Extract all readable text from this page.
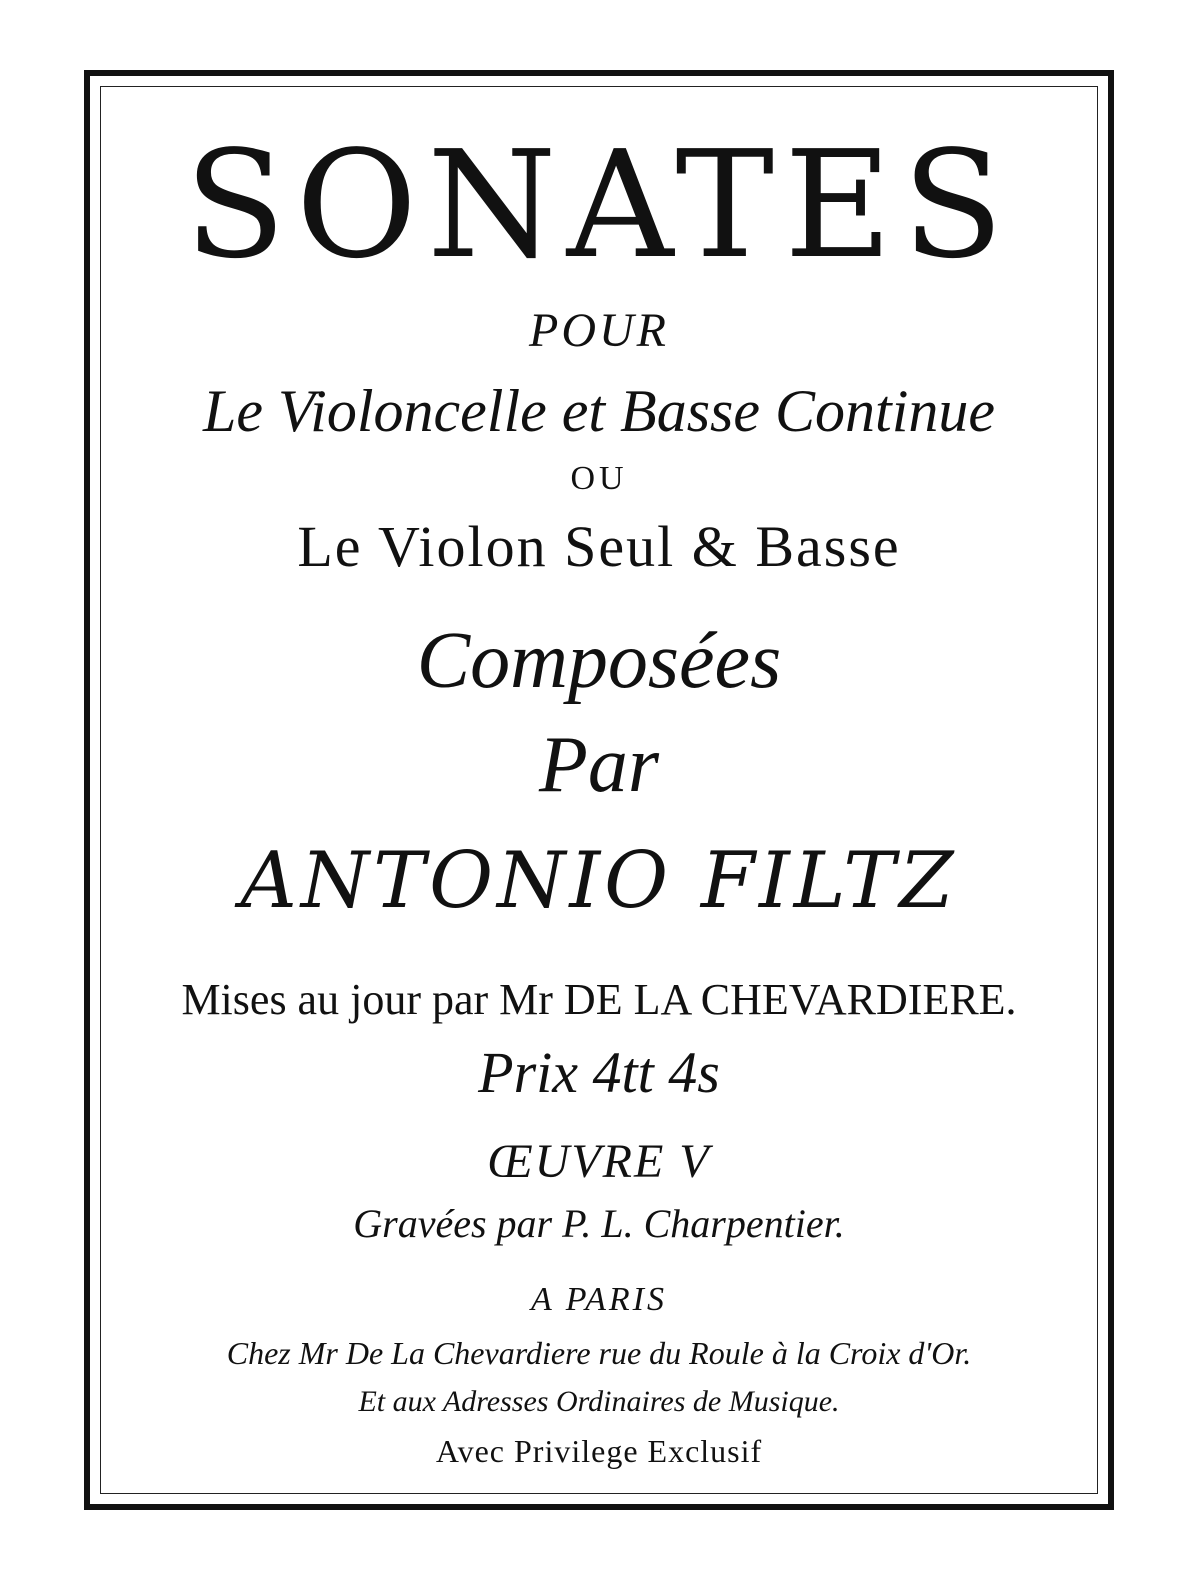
SONATES
POUR
Le Violoncelle et Basse Continue
OU
Le Violon Seul & Basse
Composées
Par
ANTONIO FILTZ
Mises au jour par Mr DE LA CHEVARDIERE.
Prix 4tt 4s
ŒUVRE V
Gravées par P. L. Charpentier.
A PARIS
Chez Mr De La Chevardiere rue du Roule à la Croix d'Or.
Et aux Adresses Ordinaires de Musique.
Avec Privilege Exclusif
